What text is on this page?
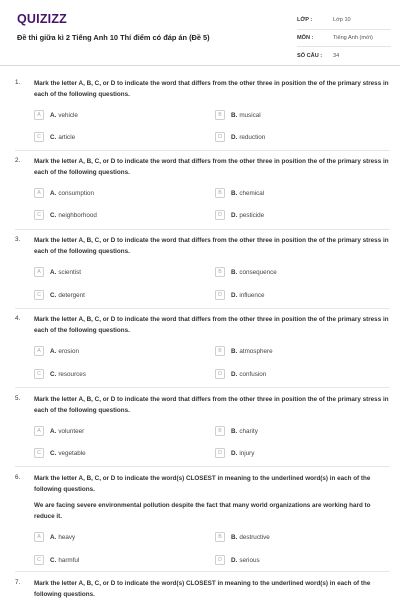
QUIZIZZ
Đề thi giữa kì 2 Tiếng Anh 10 Thí điểm có đáp án (Đề 5)
LỚP :	Lớp 10
MÔN :	Tiếng Anh (mới)
SỐ CÂU :	34
1. Mark the letter A, B, C, or D to indicate the word that differs from the other three in position the of the primary stress in each of the following questions.
A	A. vehicle	B	B. musical
C	C. article	D	D. reduction
2. Mark the letter A, B, C, or D to indicate the word that differs from the other three in position the of the primary stress in each of the following questions.
A	A. consumption	B	B. chemical
C	C. neighborhood	D	D. pesticide
3. Mark the letter A, B, C, or D to indicate the word that differs from the other three in position the of the primary stress in each of the following questions.
A	A. scientist	B	B. consequence
C	C. detergent	D	D. influence
4. Mark the letter A, B, C, or D to indicate the word that differs from the other three in position the of the primary stress in each of the following questions.
A	A. erosion	B	B. atmosphere
C	C. resources	D	D. confusion
5. Mark the letter A, B, C, or D to indicate the word that differs from the other three in position the of the primary stress in each of the following questions.
A	A. volunteer	B	B. charity
C	C. vegetable	D	D. injury
6. Mark the letter A, B, C, or D to indicate the word(s) CLOSEST in meaning to the underlined word(s) in each of the following questions.
We are facing severe environmental pollution despite the fact that many world organizations are working hard to reduce it.
A	A. heavy	B	B. destructive
C	C. harmful	D	D. serious
7. Mark the letter A, B, C, or D to indicate the word(s) CLOSEST in meaning to the underlined word(s) in each of the following questions.
